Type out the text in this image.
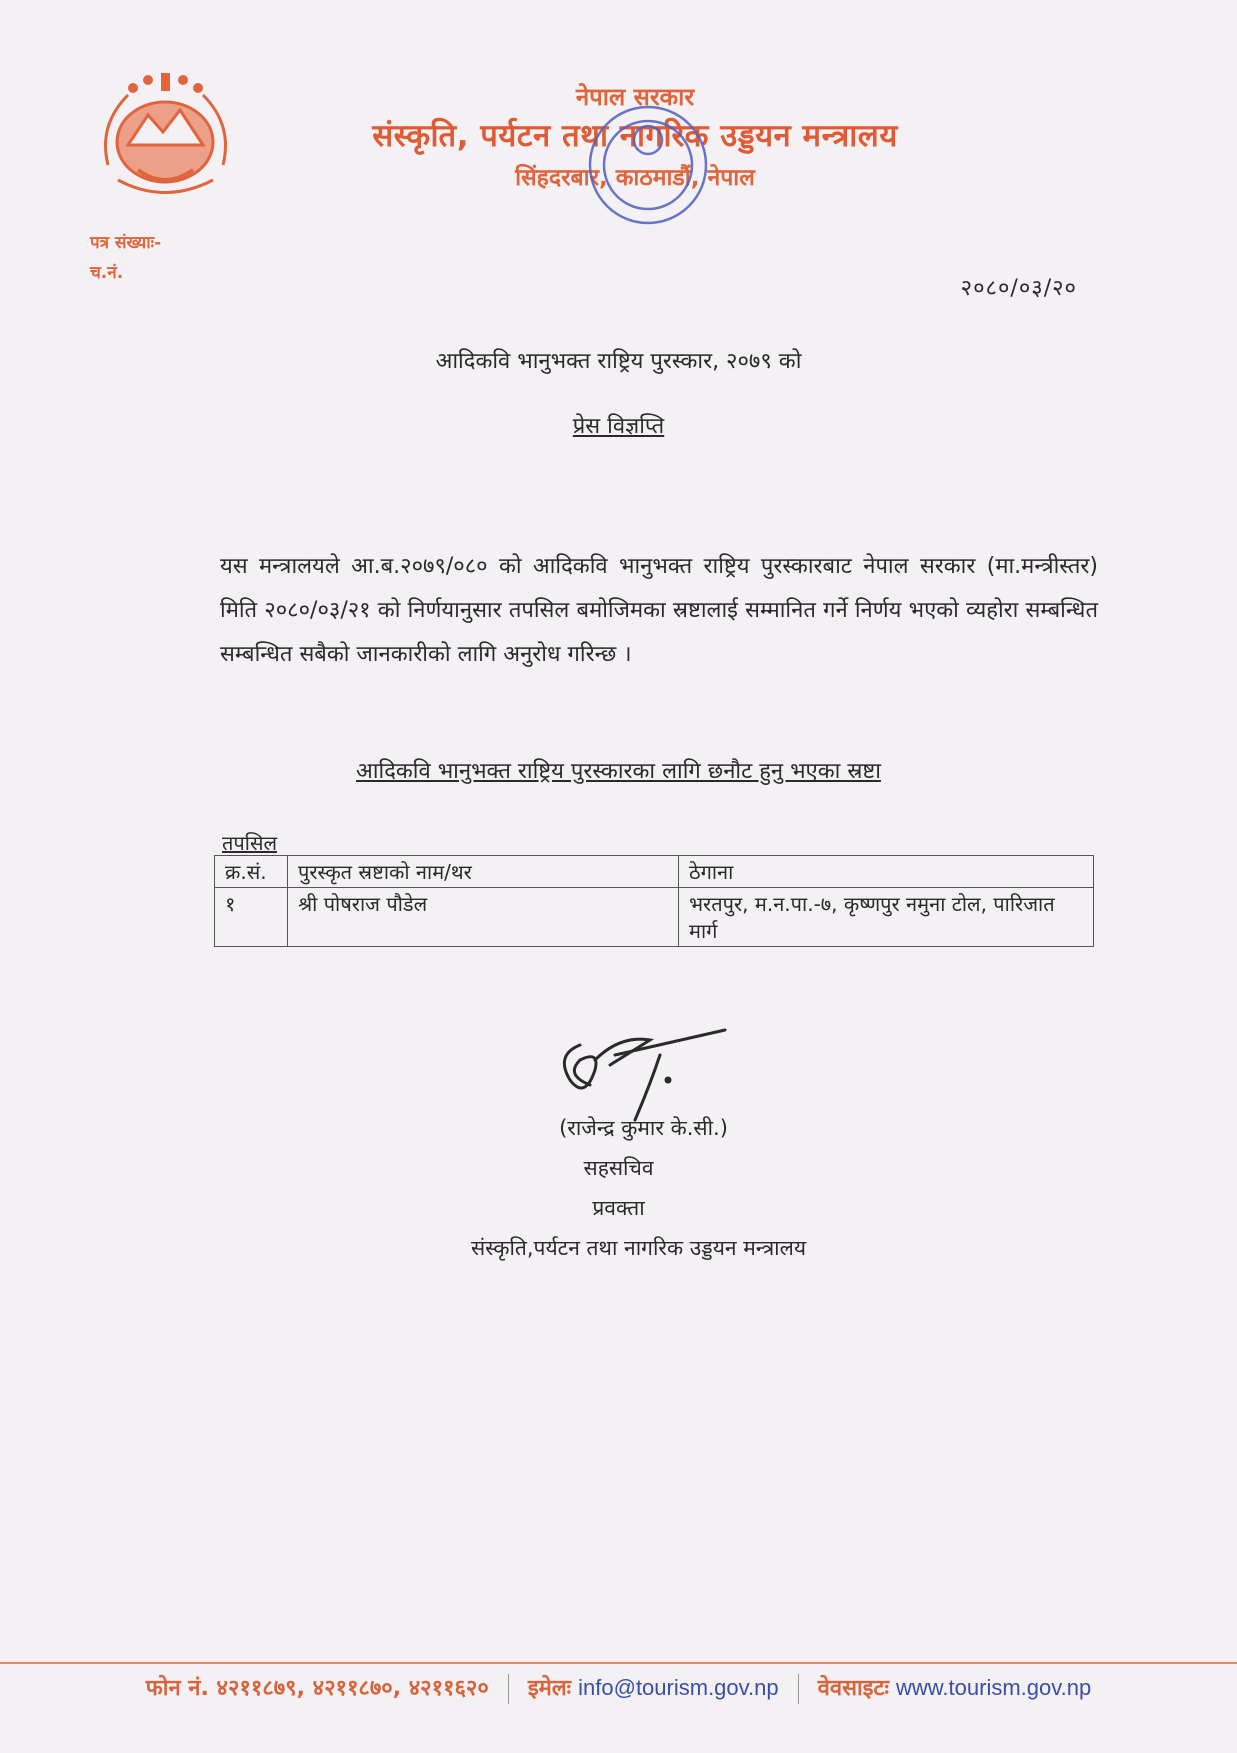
नेपाल सरकार
संस्कृति, पर्यटन तथा नागरिक उड्डयन मन्त्रालय
सिंहदरबार, काठमाडौं, नेपाल
पत्र संख्याः-
च.नं.
२०८०/०३/२०
आदिकवि भानुभक्त राष्ट्रिय पुरस्कार, २०७९ को
प्रेस विज्ञप्ति
यस मन्त्रालयले आ.ब.२०७९/०८० को आदिकवि भानुभक्त राष्ट्रिय पुरस्कारबाट नेपाल सरकार (मा.मन्त्रीस्तर) मिति २०८०/०३/२१ को निर्णयानुसार तपसिल बमोजिमका स्रष्टालाई सम्मानित गर्ने निर्णय भएको व्यहोरा सम्बन्धित सम्बन्धित सबैको जानकारीको लागि अनुरोध गरिन्छ ।
आदिकवि भानुभक्त राष्ट्रिय पुरस्कारका लागि छनौट हुनु भएका स्रष्टा
तपसिल
क्र.सं.	पुरस्कृत स्रष्टाको नाम/थर	ठेगाना
१	श्री पोषराज पौडेल	भरतपुर, म.न.पा.-७, कृष्णपुर नमुना टोल, पारिजात मार्ग
(राजेन्द्र कुमार के.सी.)
सहसचिव
प्रवक्ता
संस्कृति,पर्यटन तथा नागरिक उड्डयन मन्त्रालय
फोन नं. ४२११८७९, ४२११८७०, ४२११६२० इमेलः info@tourism.gov.np वेवसाइटः www.tourism.gov.np
